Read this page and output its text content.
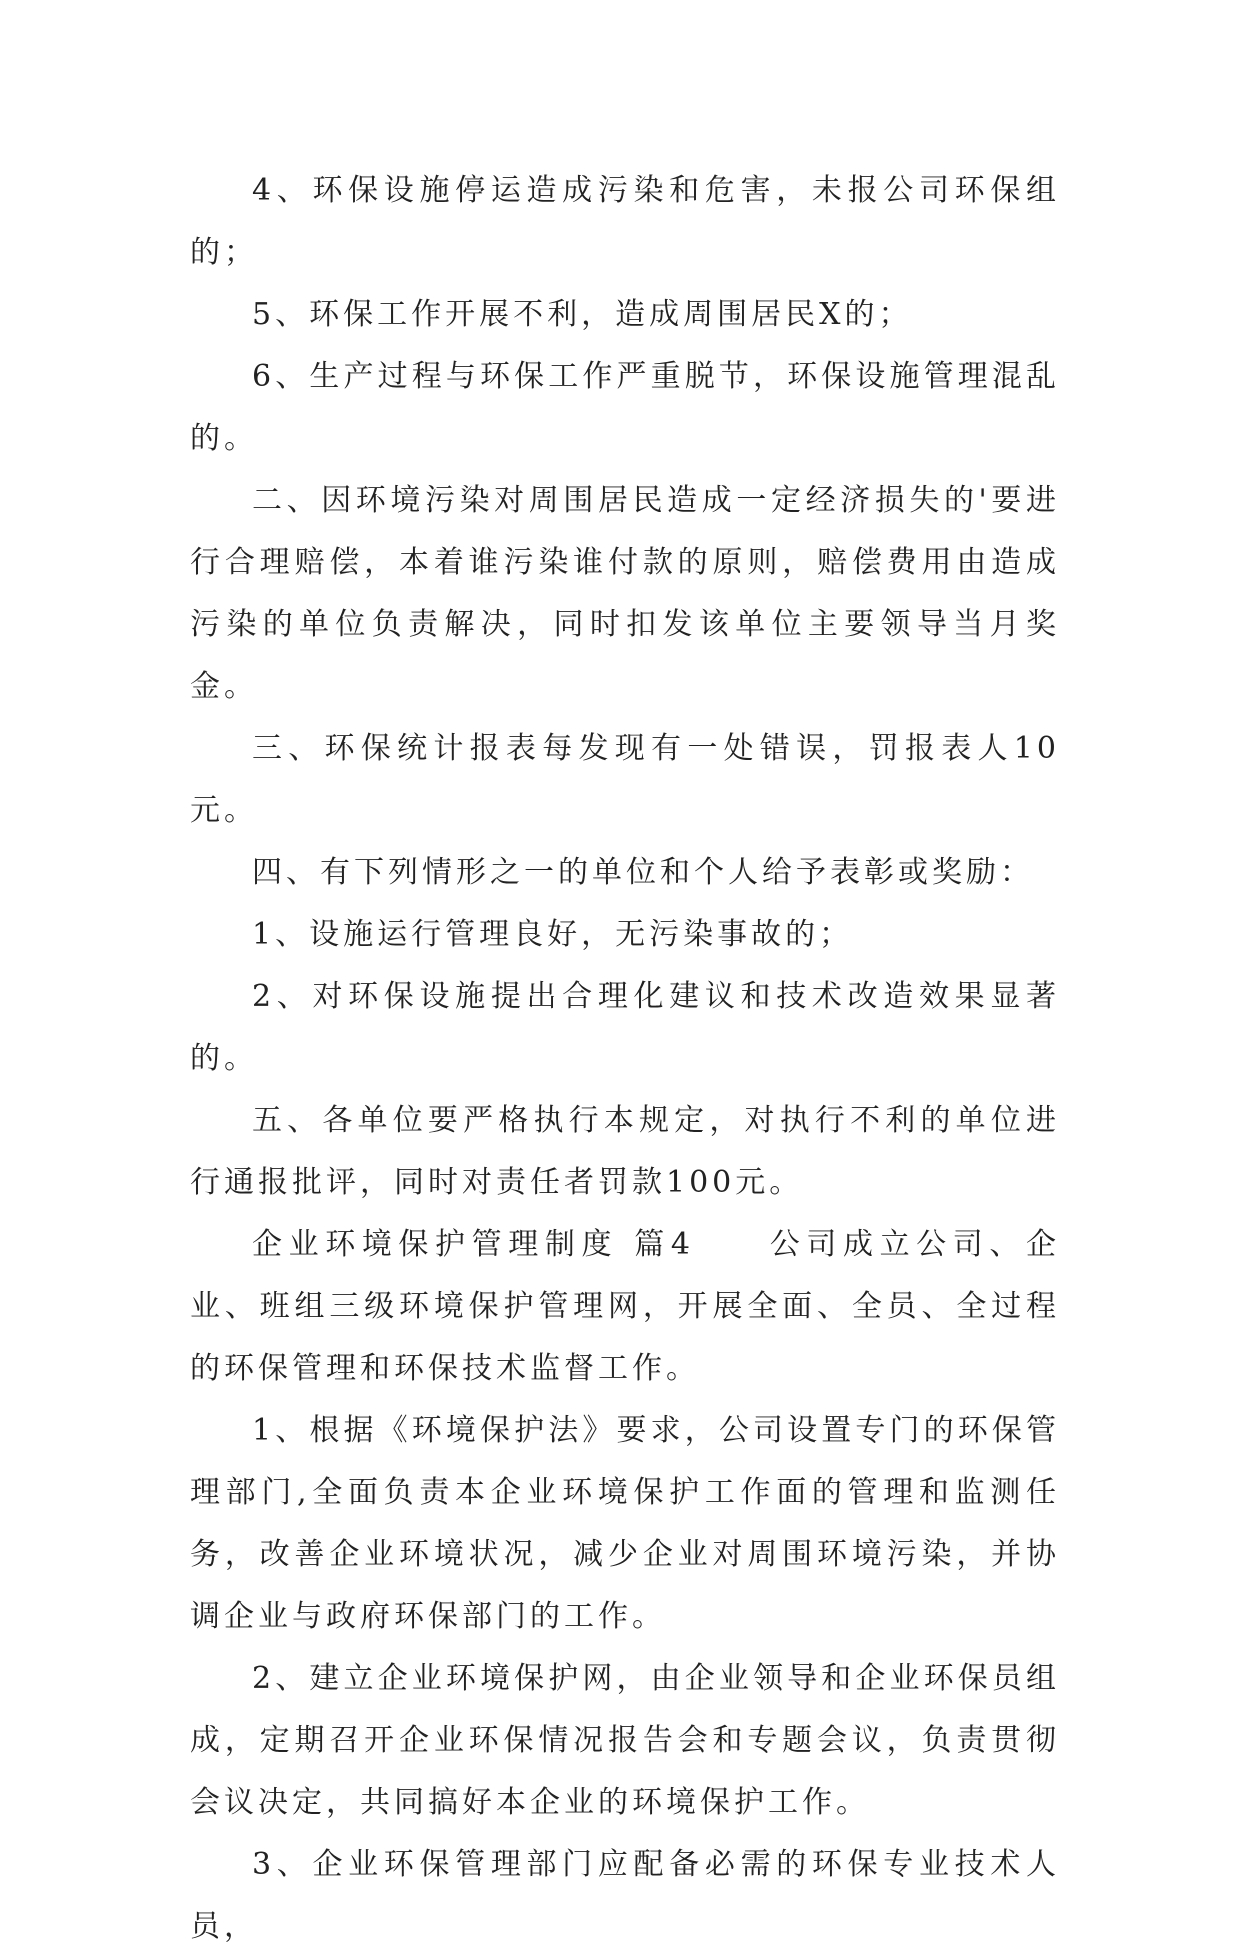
4、环保设施停运造成污染和危害，未报公司环保组的；

5、环保工作开展不利，造成周围居民X的；

6、生产过程与环保工作严重脱节，环保设施管理混乱的。

二、因环境污染对周围居民造成一定经济损失的'要进行合理赔偿，本着谁污染谁付款的原则，赔偿费用由造成污染的单位负责解决，同时扣发该单位主要领导当月奖金。

三、环保统计报表每发现有一处错误，罚报表人10元。

四、有下列情形之一的单位和个人给予表彰或奖励：

1、设施运行管理良好，无污染事故的；

2、对环保设施提出合理化建议和技术改造效果显著的。

五、各单位要严格执行本规定，对执行不利的单位进行通报批评，同时对责任者罚款100元。

企业环境保护管理制度 篇4　　公司成立公司、企业、班组三级环境保护管理网，开展全面、全员、全过程的环保管理和环保技术监督工作。

1、根据《环境保护法》要求，公司设置专门的环保管理部门,全面负责本企业环境保护工作面的管理和监测任务，改善企业环境状况，减少企业对周围环境污染，并协调企业与政府环保部门的工作。

2、建立企业环境保护网，由企业领导和企业环保员组成，定期召开企业环保情况报告会和专题会议，负责贯彻会议决定，共同搞好本企业的环境保护工作。

3、企业环保管理部门应配备必需的环保专业技术人员，
